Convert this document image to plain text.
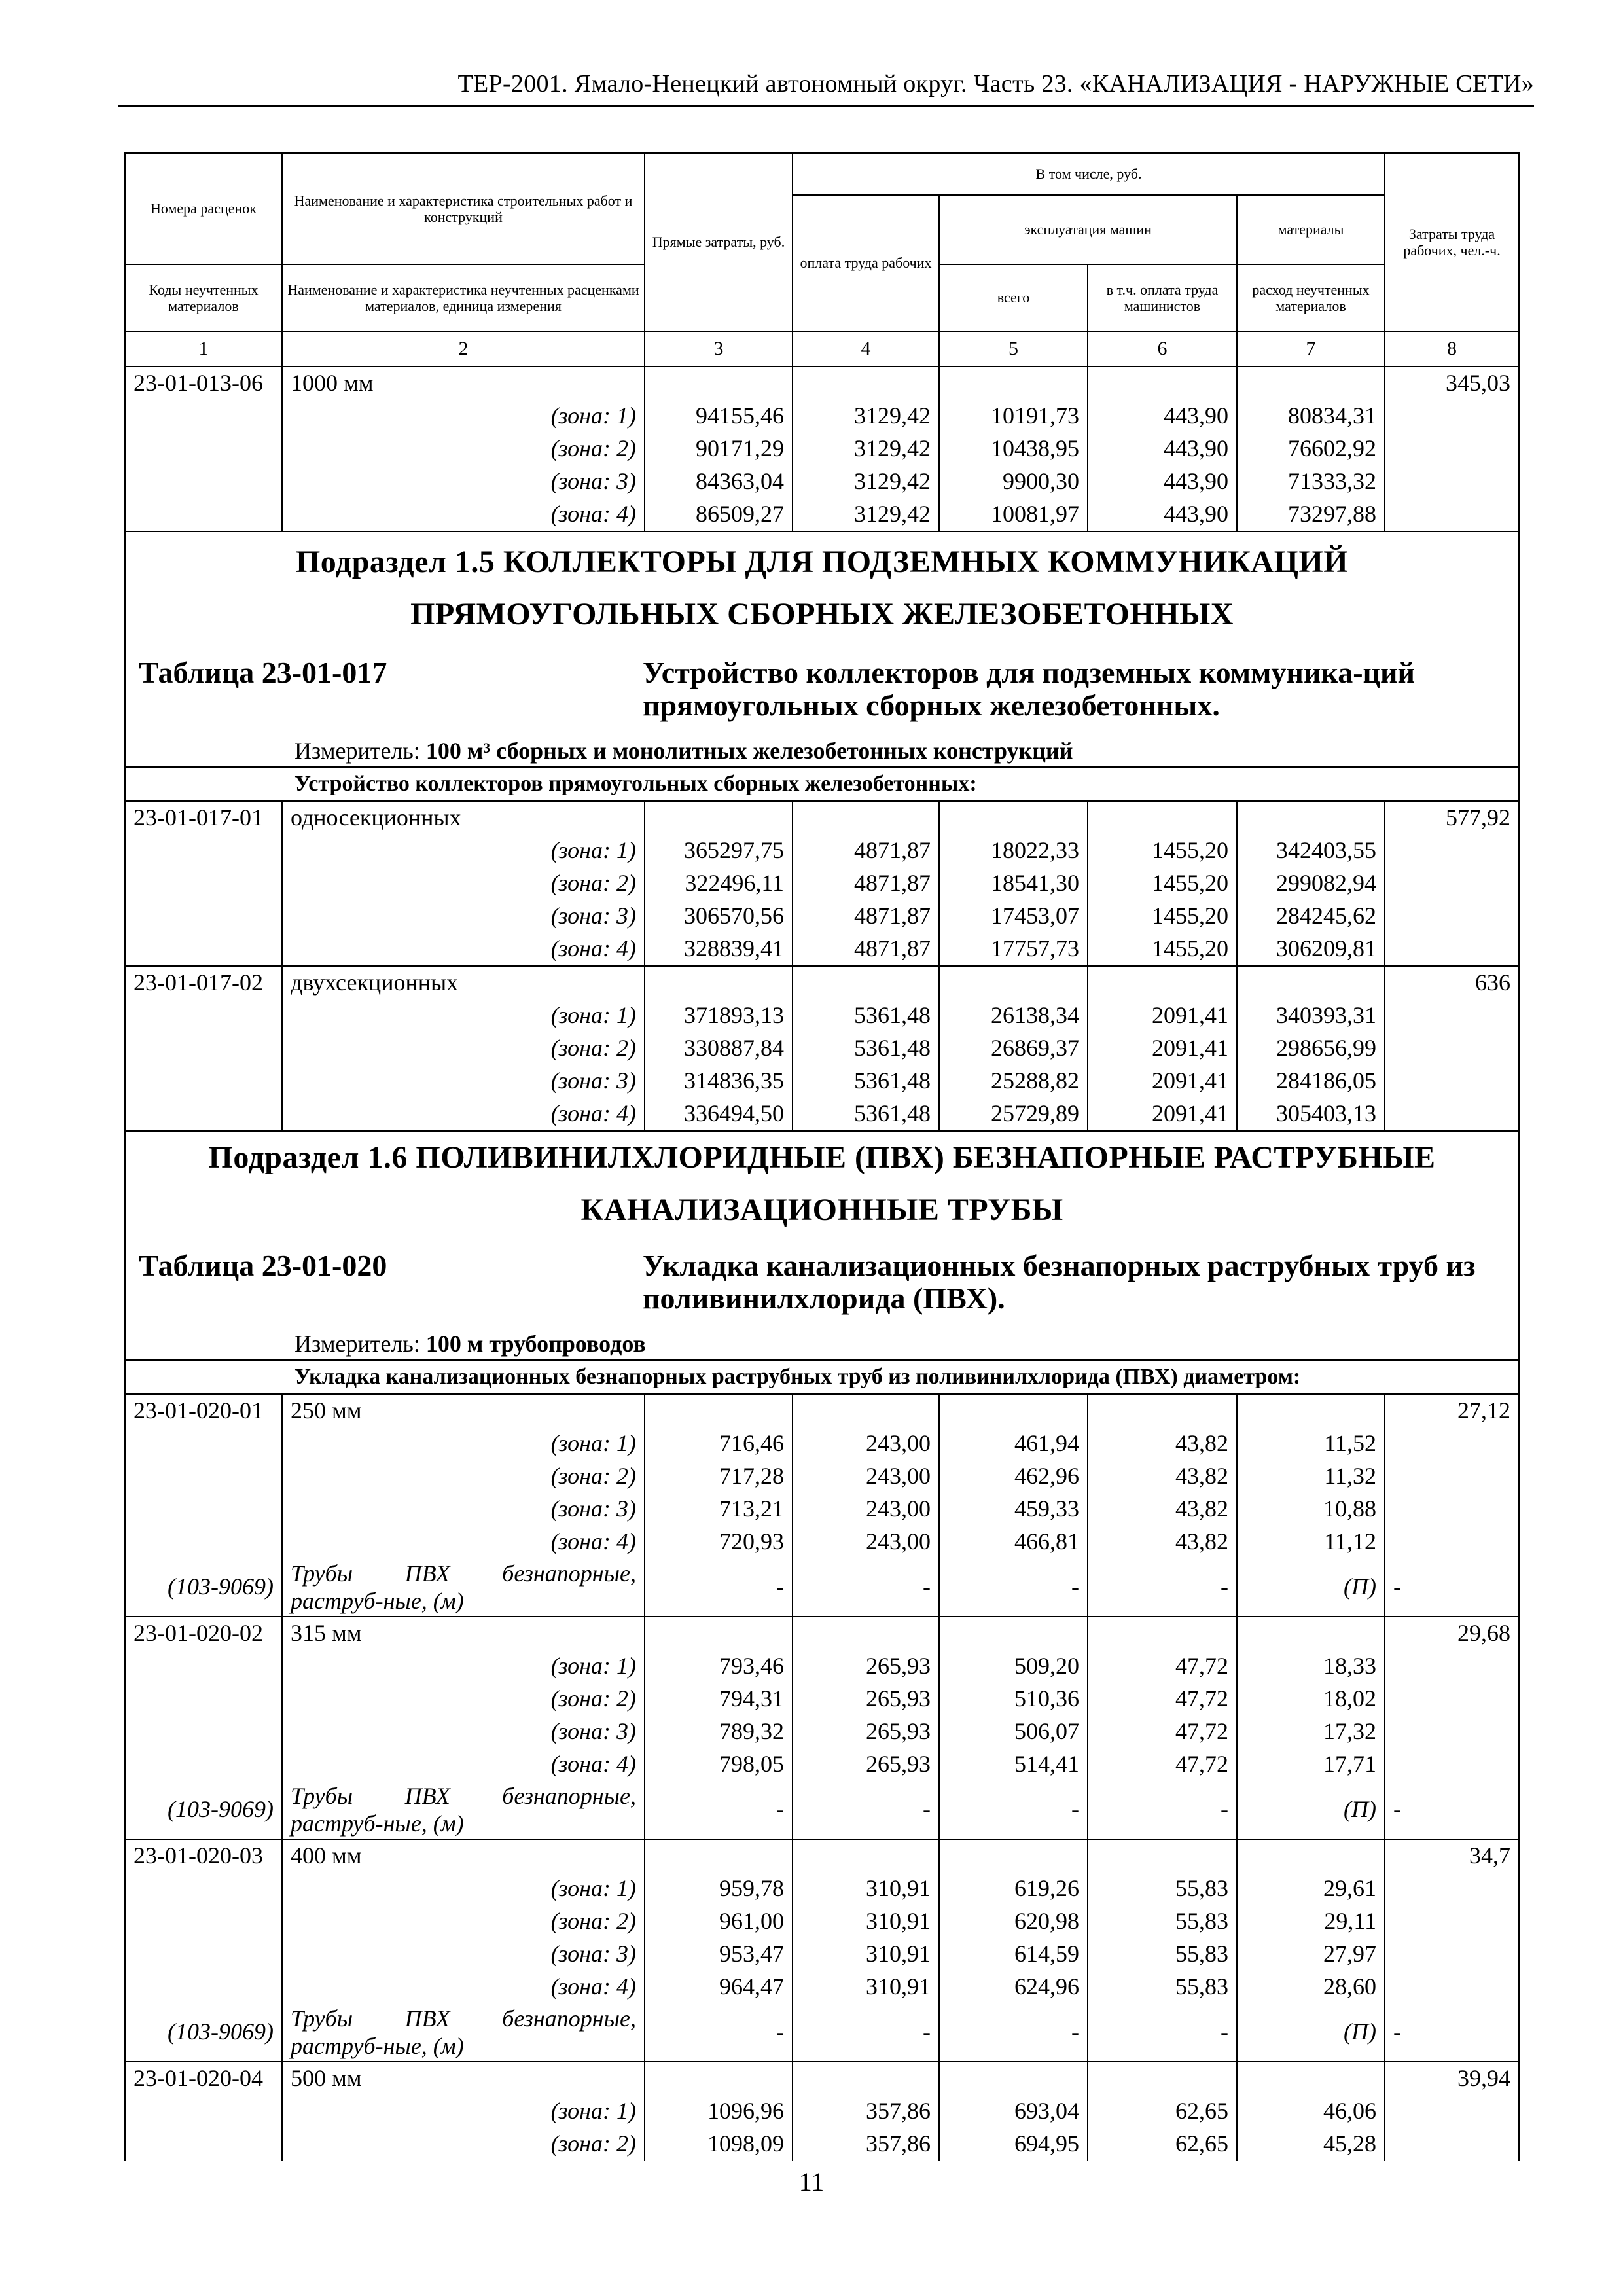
ТЕР-2001. Ямало-Ненецкий автономный округ. Часть 23. «КАНАЛИЗАЦИЯ - НАРУЖНЫЕ СЕТИ»
Номера расценок	Наименование и характеристика строительных работ и конструкций	Прямые затраты, руб.	В том числе, руб.				Затраты труда рабочих, чел.-ч.
			оплата труда рабочих	эксплуатация машин		материалы	
Коды неучтенных материалов	Наименование и характеристика неучтенных расценками материалов, единица измерения			всего	в т.ч. оплата труда машинистов	расход неучтенных материалов	
1	2	3	4	5	6	7	8
23-01-013-06	1000 мм						345,03
	(зона: 1)	94155,46	3129,42	10191,73	443,90	80834,31	
	(зона: 2)	90171,29	3129,42	10438,95	443,90	76602,92	
	(зона: 3)	84363,04	3129,42	9900,30	443,90	71333,32	
	(зона: 4)	86509,27	3129,42	10081,97	443,90	73297,88	

Подраздел 1.5 КОЛЛЕКТОРЫ ДЛЯ ПОДЗЕМНЫХ КОММУНИКАЦИЙ
ПРЯМОУГОЛЬНЫХ СБОРНЫХ ЖЕЛЕЗОБЕТОННЫХ
Таблица 23-01-017 Устройство коллекторов для подземных коммуника-ций прямоугольных сборных железобетонных.
Измеритель: 100 м³ сборных и монолитных железобетонных конструкций							

Устройство коллекторов прямоугольных сборных железобетонных:							

23-01-017-01	односекционных						577,92
	(зона: 1)	365297,75	4871,87	18022,33	1455,20	342403,55	
	(зона: 2)	322496,11	4871,87	18541,30	1455,20	299082,94	
	(зона: 3)	306570,56	4871,87	17453,07	1455,20	284245,62	
	(зона: 4)	328839,41	4871,87	17757,73	1455,20	306209,81	
23-01-017-02	двухсекционных						636
	(зона: 1)	371893,13	5361,48	26138,34	2091,41	340393,31	
	(зона: 2)	330887,84	5361,48	26869,37	2091,41	298656,99	
	(зона: 3)	314836,35	5361,48	25288,82	2091,41	284186,05	
	(зона: 4)	336494,50	5361,48	25729,89	2091,41	305403,13	

Подраздел 1.6 ПОЛИВИНИЛХЛОРИДНЫЕ (ПВХ) БЕЗНАПОРНЫЕ РАСТРУБНЫЕ
КАНАЛИЗАЦИОННЫЕ ТРУБЫ
Таблица 23-01-020 Укладка канализационных безнапорных раструбных труб из поливинилхлорида (ПВХ).
Измеритель: 100 м трубопроводов							

Укладка канализационных безнапорных раструбных труб из поливинилхлорида (ПВХ) диаметром:							

23-01-020-01	250 мм						27,12
	(зона: 1)	716,46	243,00	461,94	43,82	11,52	
	(зона: 2)	717,28	243,00	462,96	43,82	11,32	
	(зона: 3)	713,21	243,00	459,33	43,82	10,88	
	(зона: 4)	720,93	243,00	466,81	43,82	11,12	
(103-9069)	Трубы ПВХ безнапорные, раструб-ные, (м)	-	-	-	-	(П)	-
23-01-020-02	315 мм						29,68
	(зона: 1)	793,46	265,93	509,20	47,72	18,33	
	(зона: 2)	794,31	265,93	510,36	47,72	18,02	
	(зона: 3)	789,32	265,93	506,07	47,72	17,32	
	(зона: 4)	798,05	265,93	514,41	47,72	17,71	
(103-9069)	Трубы ПВХ безнапорные, раструб-ные, (м)	-	-	-	-	(П)	-
23-01-020-03	400 мм						34,7
	(зона: 1)	959,78	310,91	619,26	55,83	29,61	
	(зона: 2)	961,00	310,91	620,98	55,83	29,11	
	(зона: 3)	953,47	310,91	614,59	55,83	27,97	
	(зона: 4)	964,47	310,91	624,96	55,83	28,60	
(103-9069)	Трубы ПВХ безнапорные, раструб-ные, (м)	-	-	-	-	(П)	-
23-01-020-04	500 мм						39,94
	(зона: 1)	1096,96	357,86	693,04	62,65	46,06	
	(зона: 2)	1098,09	357,86	694,95	62,65	45,28	
11
